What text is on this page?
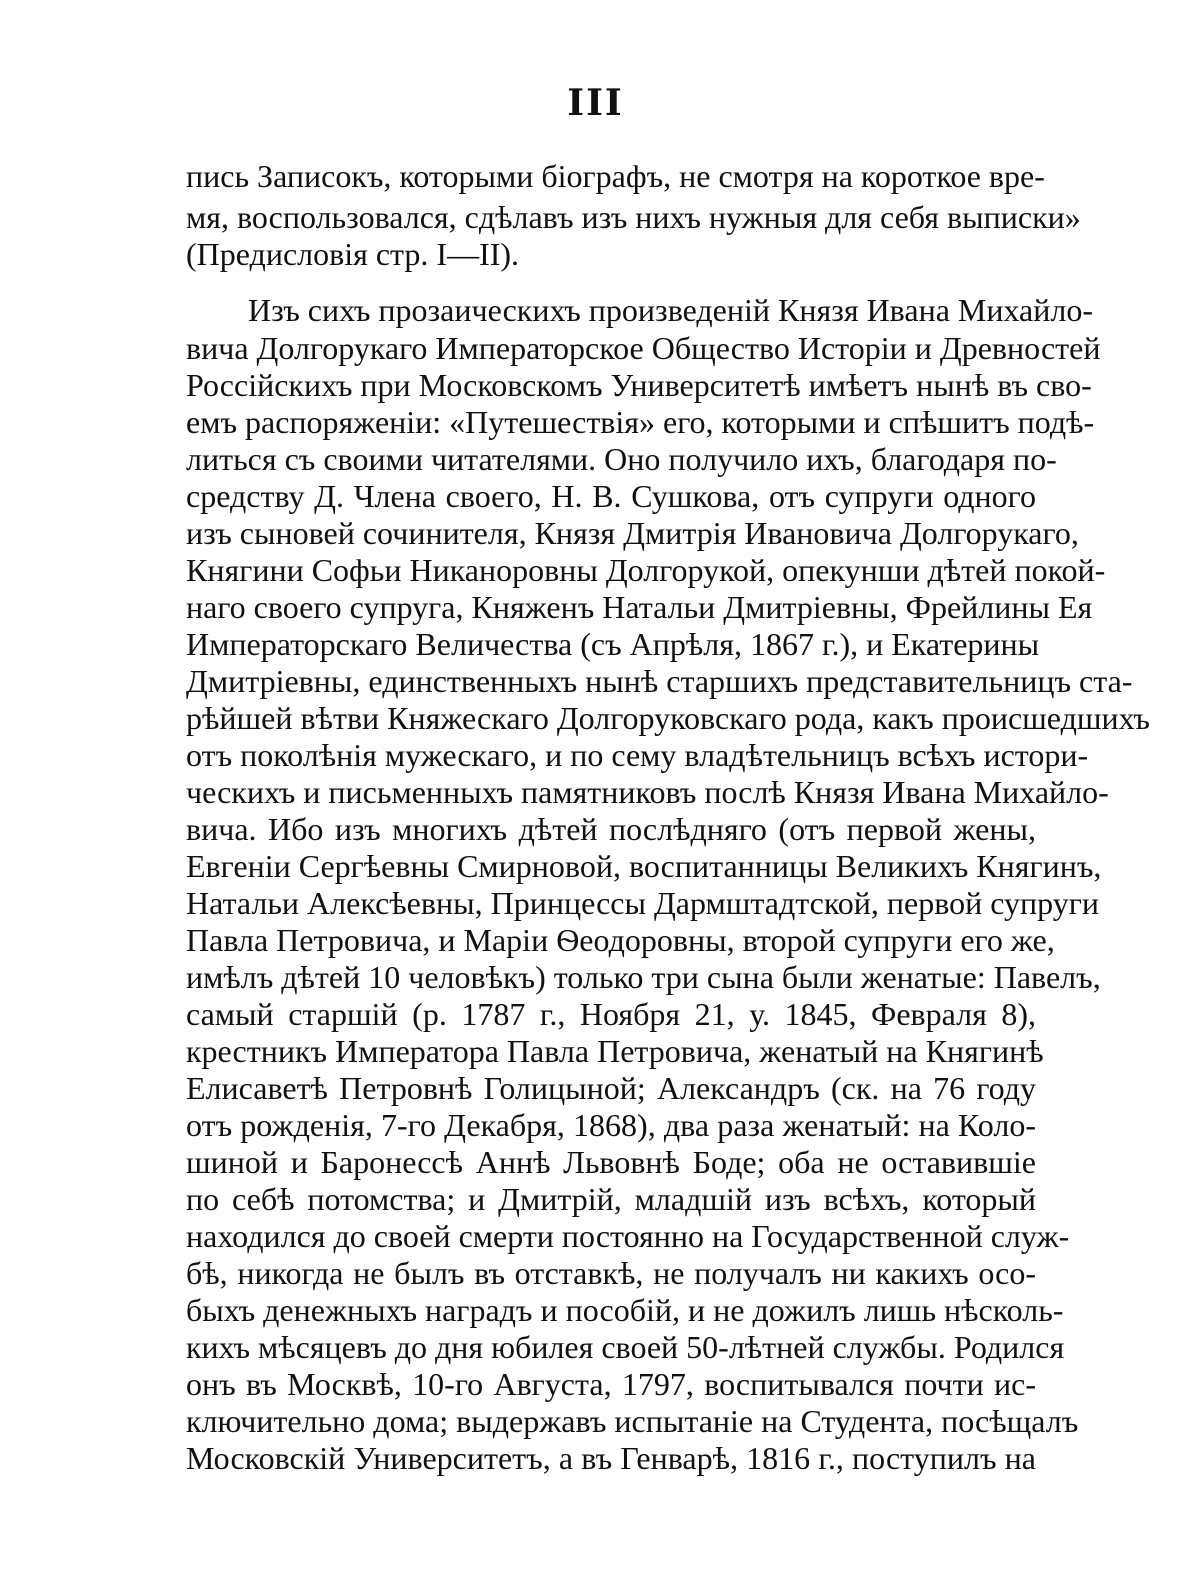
III
пись Записокъ, которыми біографъ, не смотря на короткое вре-
мя, воспользовался, сдѣлавъ изъ нихъ нужныя для себя выписки»
(Предисловія стр. I—II).
Изъ сихъ прозаическихъ произведеній Князя Ивана Михайло-
вича Долгорукаго Императорское Общество Исторіи и Древностей
Россійскихъ при Московскомъ Университетѣ имѣетъ нынѣ въ сво-
емъ распоряженіи: «Путешествія» его, которыми и спѣшитъ подѣ-
литься съ своими читателями. Оно получило ихъ, благодаря по-
средству Д. Члена своего, Н. В. Сушкова, отъ супруги одного
изъ сыновей сочинителя, Князя Дмитрія Ивановича Долгорукаго,
Княгини Софьи Никаноровны Долгорукой, опекунши дѣтей покой-
наго своего супруга, Княженъ Натальи Дмитріевны, Фрейлины Ея
Императорскаго Величества (съ Апрѣля, 1867 г.), и Екатерины
Дмитріевны, единственныхъ нынѣ старшихъ представительницъ ста-
рѣйшей вѣтви Княжескаго Долгоруковскаго рода, какъ происшедшихъ
отъ поколѣнія мужескаго, и по сему владѣтельницъ всѣхъ истори-
ческихъ и письменныхъ памятниковъ послѣ Князя Ивана Михайло-
вича. Ибо изъ многихъ дѣтей послѣдняго (отъ первой жены,
Евгеніи Сергѣевны Смирновой, воспитанницы Великихъ Княгинъ,
Натальи Алексѣевны, Принцессы Дармштадтской, первой супруги
Павла Петровича, и Маріи Ѳеодоровны, второй супруги его же,
имѣлъ дѣтей 10 человѣкъ) только три сына были женатые: Павелъ,
самый старшій (р. 1787 г., Ноября 21, у. 1845, Февраля 8),
крестникъ Императора Павла Петровича, женатый на Княгинѣ
Елисаветѣ Петровнѣ Голицыной; Александръ (ск. на 76 году
отъ рожденія, 7-го Декабря, 1868), два раза женатый: на Коло-
шиной и Баронессѣ Аннѣ Львовнѣ Боде; оба не оставившіе
по себѣ потомства; и Дмитрій, младшій изъ всѣхъ, который
находился до своей смерти постоянно на Государственной служ-
бѣ, никогда не былъ въ отставкѣ, не получалъ ни какихъ осо-
быхъ денежныхъ наградъ и пособій, и не дожилъ лишь нѣсколь-
кихъ мѣсяцевъ до дня юбилея своей 50-лѣтней службы. Родился
онъ въ Москвѣ, 10-го Августа, 1797, воспитывался почти ис-
ключительно дома; выдержавъ испытаніе на Студента, посѣщалъ
Московскій Университетъ, а въ Генварѣ, 1816 г., поступилъ на
